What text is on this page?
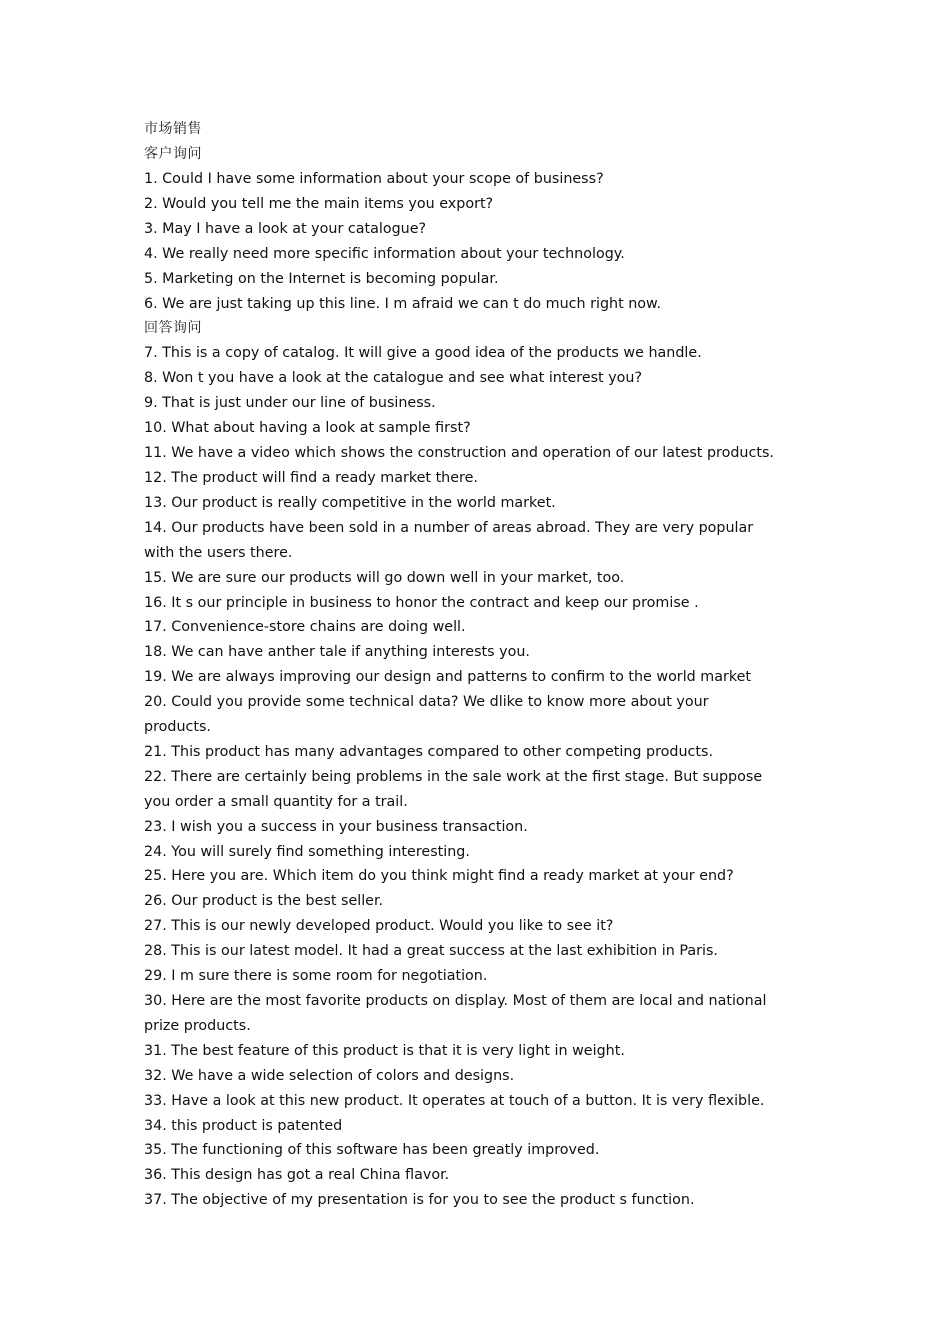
市场销售

客户询问

1. Could I have some information about your scope of business?

2. Would you tell me the main items you export?

3. May I have a look at your catalogue?

4. We really need more specific information about your technology.

5. Marketing on the Internet is becoming popular.

6. We are just taking up this line. I m afraid we can t do much right now.

回答询问

7. This is a copy of catalog. It will give a good idea of the products we handle.

8. Won t you have a look at the catalogue and see what interest you?

9. That is just under our line of business.

10. What about having a look at sample first?

11. We have a video which shows the construction and operation of our latest products.

12. The product will find a ready market there.

13. Our product is really competitive in the world market.

14. Our products have been sold in a number of areas abroad. They are very popular

with the users there.

15. We are sure our products will go down well in your market, too.

16. It s our principle in business to honor the contract and keep our promise .

17. Convenience-store chains are doing well.

18. We can have anther tale if anything interests you.

19. We are always improving our design and patterns to confirm to the world market

20. Could you provide some technical data? We dlike to know more about your

products.

21. This product has many advantages compared to other competing products.

22. There are certainly being problems in the sale work at the first stage. But suppose

you order a small quantity for a trail.

23. I wish you a success in your business transaction.

24. You will surely find something interesting.

25. Here you are. Which item do you think might find a ready market at your end?

26. Our product is the best seller.

27. This is our newly developed product. Would you like to see it?

28. This is our latest model. It had a great success at the last exhibition in Paris.

29. I m sure there is some room for negotiation.

30. Here are the most favorite products on display. Most of them are local and national

prize products.

31. The best feature of this product is that it is very light in weight.

32. We have a wide selection of colors and designs.

33. Have a look at this new product. It operates at touch of a button. It is very flexible.

34. this product is patented

35. The functioning of this software has been greatly improved.

36. This design has got a real China flavor.

37. The objective of my presentation is for you to see the product s function.
